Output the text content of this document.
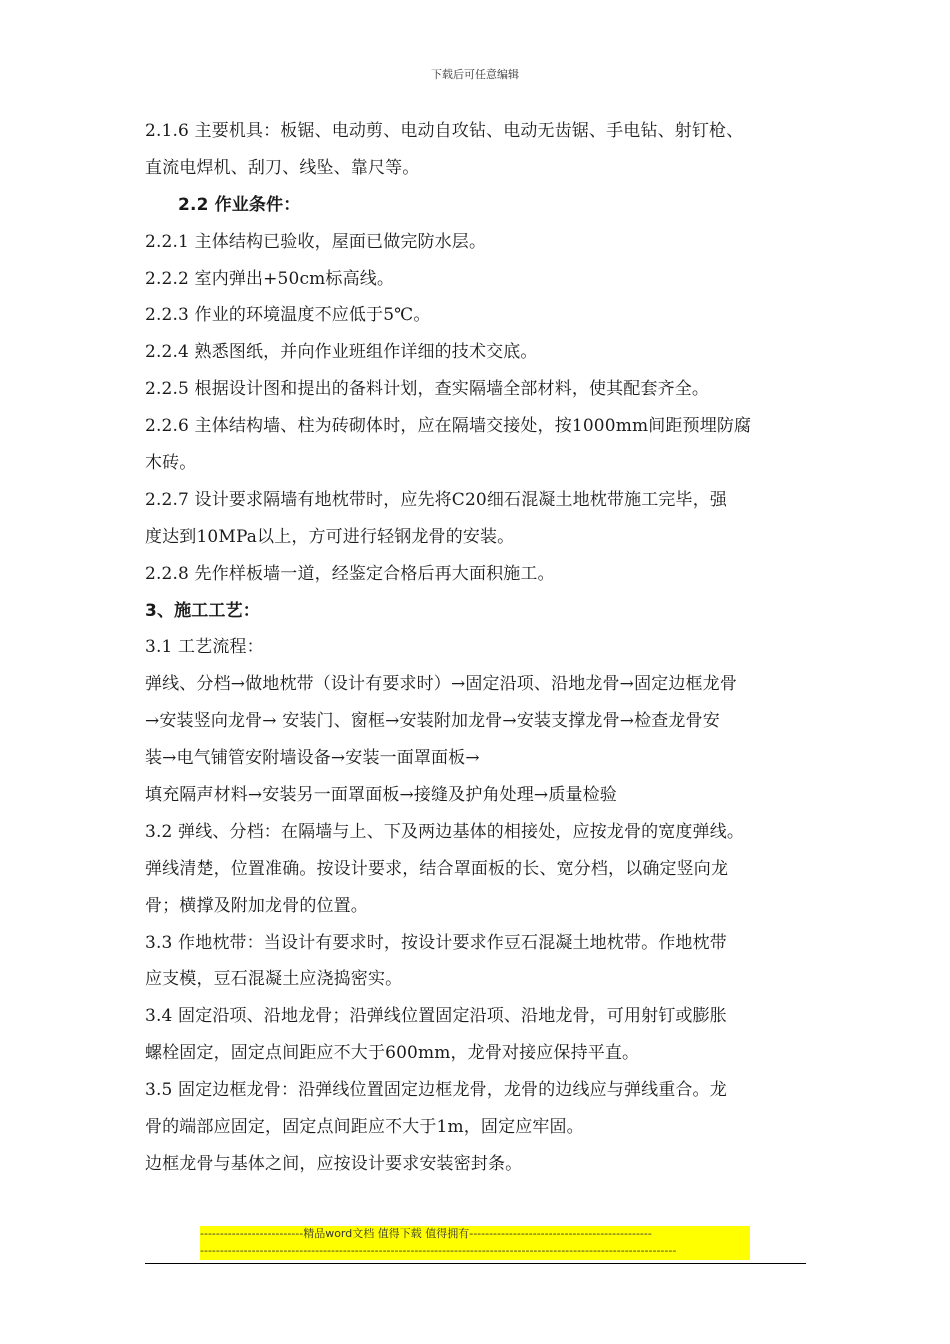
下载后可任意编辑
2.1.6 主要机具：板锯、电动剪、电动自攻钻、电动无齿锯、手电钻、射钉枪、
直流电焊机、刮刀、线坠、靠尺等。
2.2 作业条件：
2.2.1 主体结构已验收，屋面已做完防水层。
2.2.2 室内弹出+50cm标高线。
2.2.3 作业的环境温度不应低于5℃。
2.2.4 熟悉图纸，并向作业班组作详细的技术交底。
2.2.5 根据设计图和提出的备料计划，查实隔墙全部材料，使其配套齐全。
2.2.6 主体结构墙、柱为砖砌体时，应在隔墙交接处，按1000mm间距预埋防腐
木砖。
2.2.7 设计要求隔墙有地枕带时，应先将C20细石混凝土地枕带施工完毕，强
度达到10MPa以上，方可进行轻钢龙骨的安装。
2.2.8 先作样板墙一道，经鉴定合格后再大面积施工。
3、施工工艺：
3.1 工艺流程：
弹线、分档→做地枕带（设计有要求时）→固定沿项、沿地龙骨→固定边框龙骨
→安装竖向龙骨→ 安装门、窗框→安装附加龙骨→安装支撑龙骨→检查龙骨安
装→电气铺管安附墙设备→安装一面罩面板→
填充隔声材料→安装另一面罩面板→接缝及护角处理→质量检验
3.2 弹线、分档：在隔墙与上、下及两边基体的相接处，应按龙骨的宽度弹线。
弹线清楚，位置准确。按设计要求，结合罩面板的长、宽分档，以确定竖向龙
骨；横撑及附加龙骨的位置。
3.3 作地枕带：当设计有要求时，按设计要求作豆石混凝土地枕带。作地枕带
应支模，豆石混凝土应浇捣密实。
3.4 固定沿项、沿地龙骨；沿弹线位置固定沿项、沿地龙骨，可用射钉或膨胀
螺栓固定，固定点间距应不大于600mm，龙骨对接应保持平直。
3.5 固定边框龙骨：沿弹线位置固定边框龙骨，龙骨的边线应与弹线重合。龙
骨的端部应固定，固定点间距应不大于1m，固定应牢固。
边框龙骨与基体之间，应按设计要求安装密封条。
--------------------------精品word文档 值得下载 值得拥有----------------------------------------------
------------------------------------------------------------------------------------------------------------------------
